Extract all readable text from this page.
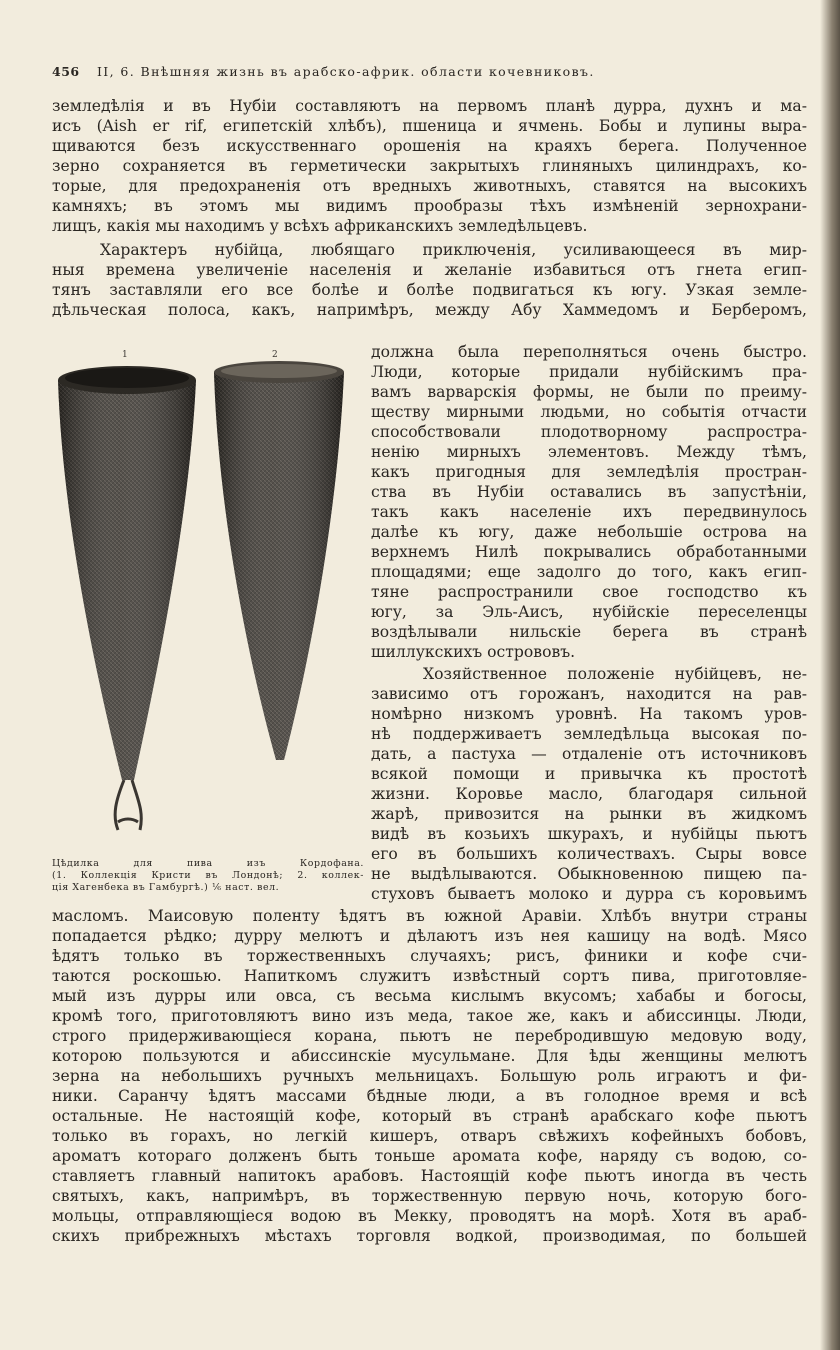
456 II, 6. Внѣшняя жизнь въ арабско-африк. области кочевниковъ.
земледѣлія и въ Нубіи составляютъ на первомъ планѣ дурра, духнъ и ма-
исъ (Aish er rif, египетскій хлѣбъ), пшеница и ячмень. Бобы и лупины выра-
щиваются безъ искусственнаго орошенія на краяхъ берега. Полученное
зерно сохраняется въ герметически закрытыхъ глиняныхъ цилиндрахъ, ко-
торые, для предохраненія отъ вредныхъ животныхъ, ставятся на высокихъ
камняхъ; въ этомъ мы видимъ прообразы тѣхъ измѣненій зернохрани-
лищъ, какія мы находимъ у всѣхъ африканскихъ земледѣльцевъ.
Характеръ нубійца, любящаго приключенія, усиливающееся въ мир-
ныя времена увеличеніе населенія и желаніе избавиться отъ гнета егип-
тянъ заставляли его все болѣе и болѣе подвигаться къ югу. Узкая земле-
дѣльческая полоса, какъ, напримѣръ, между Абу Хаммедомъ и Берберомъ,
1	2
Цѣдилка для пива изъ Кордофана.
(1. Коллекція Кристи въ Лондонѣ; 2. коллек-
ція Хагенбека въ Гамбургѣ.) ⅙ наст. вел.
должна была переполняться очень быстро.
Люди, которые придали нубійскимъ пра-
вамъ варварскія формы, не были по преиму-
ществу мирными людьми, но событія отчасти
способствовали плодотворному распростра-
ненію мирныхъ элементовъ. Между тѣмъ,
какъ пригодныя для земледѣлія простран-
ства въ Нубіи оставались въ запустѣніи,
такъ какъ населеніе ихъ передвинулось
далѣе къ югу, даже небольшіе острова на
верхнемъ Нилѣ покрывались обработанными
площадями; еще задолго до того, какъ егип-
тяне распространили свое господство къ
югу, за Эль-Аисъ, нубійскіе переселенцы
воздѣлывали нильскіе берега въ странѣ
шиллукскихъ острововъ.
Хозяйственное положеніе нубійцевъ, не-
зависимо отъ горожанъ, находится на рав-
номѣрно низкомъ уровнѣ. На такомъ уров-
нѣ поддерживаетъ земледѣльца высокая по-
дать, а пастуха — отдаленіе отъ источниковъ
всякой помощи и привычка къ простотѣ
жизни. Коровье масло, благодаря сильной
жарѣ, привозится на рынки въ жидкомъ
видѣ въ козьихъ шкурахъ, и нубійцы пьютъ
его въ большихъ количествахъ. Сыры вовсе
не выдѣлываются. Обыкновенною пищею па-
стуховъ бываетъ молоко и дурра съ коровьимъ
масломъ. Маисовую поленту ѣдятъ въ южной Аравіи. Хлѣбъ внутри страны
попадается рѣдко; дурру мелютъ и дѣлаютъ изъ нея кашицу на водѣ. Мясо
ѣдятъ только въ торжественныхъ случаяхъ; рисъ, финики и кофе счи-
таются роскошью. Напиткомъ служитъ извѣстный сортъ пива, приготовляе-
мый изъ дурры или овса, съ весьма кислымъ вкусомъ; хабабы и богосы,
кромѣ того, приготовляютъ вино изъ меда, такое же, какъ и абиссинцы. Люди,
строго придерживающіеся корана, пьютъ не перебродившую медовую воду,
которою пользуются и абиссинскіе мусульмане. Для ѣды женщины мелютъ
зерна на небольшихъ ручныхъ мельницахъ. Большую роль играютъ и фи-
ники. Саранчу ѣдятъ массами бѣдные люди, а въ голодное время и всѣ
остальные. Не настоящій кофе, который въ странѣ арабскаго кофе пьютъ
только въ горахъ, но легкій кишеръ, отваръ свѣжихъ кофейныхъ бобовъ,
ароматъ котораго долженъ быть тоньше аромата кофе, наряду съ водою, со-
ставляетъ главный напитокъ арабовъ. Настоящій кофе пьютъ иногда въ честь
святыхъ, какъ, напримѣръ, въ торжественную первую ночь, которую бого-
мольцы, отправляющіеся водою въ Мекку, проводятъ на морѣ. Хотя въ араб-
скихъ прибрежныхъ мѣстахъ торговля водкой, производимая, по большей
